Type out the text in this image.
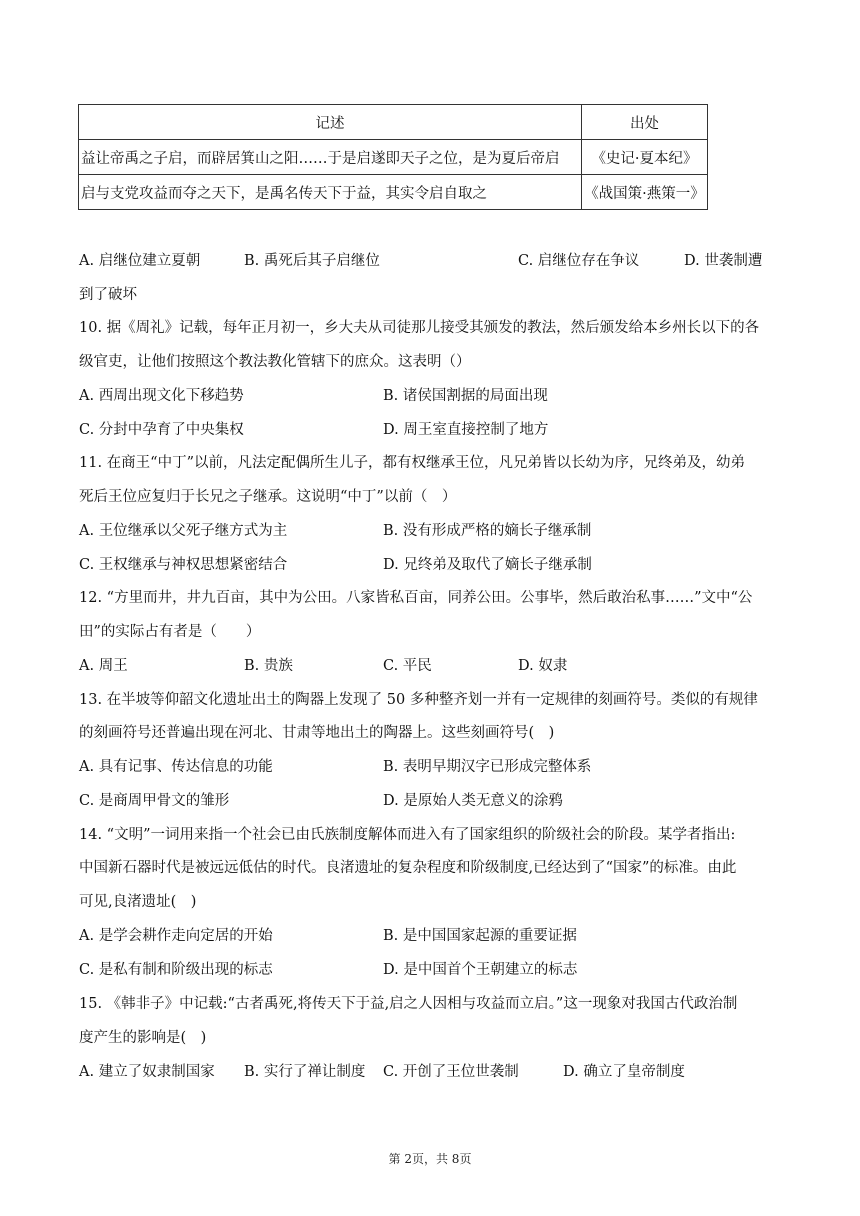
记述	出处
益让帝禹之子启，而辟居箕山之阳……于是启遂即天子之位，是为夏后帝启	《史记·夏本纪》
启与支党攻益而夺之天下，是禹名传天下于益，其实令启自取之	《战国策·燕策一》
A. 启继位建立夏朝	B. 禹死后其子启继位	C. 启继位存在争议	D. 世袭制遭
到了破坏
10. 据《周礼》记载，每年正月初一，乡大夫从司徒那儿接受其颁发的教法，然后颁发给本乡州长以下的各
级官吏，让他们按照这个教法教化管辖下的庶众。这表明（）
A. 西周出现文化下移趋势	B. 诸侯国割据的局面出现
C. 分封中孕育了中央集权	D. 周王室直接控制了地方
11. 在商王“中丁”以前，凡法定配偶所生儿子，都有权继承王位，凡兄弟皆以长幼为序，兄终弟及，幼弟
死后王位应复归于长兄之子继承。这说明“中丁”以前（　）
A. 王位继承以父死子继方式为主	B. 没有形成严格的嫡长子继承制
C. 王权继承与神权思想紧密结合	D. 兄终弟及取代了嫡长子继承制
12. “方里而井，井九百亩，其中为公田。八家皆私百亩，同养公田。公事毕，然后敢治私事……”文中“公
田”的实际占有者是（　　）
A. 周王	B. 贵族	C. 平民	D. 奴隶
13. 在半坡等仰韶文化遗址出土的陶器上发现了 50 多种整齐划一并有一定规律的刻画符号。类似的有规律
的刻画符号还普遍出现在河北、甘肃等地出土的陶器上。这些刻画符号(　)
A. 具有记事、传达信息的功能	B. 表明早期汉字已形成完整体系
C. 是商周甲骨文的雏形	D. 是原始人类无意义的涂鸦
14. “文明”一词用来指一个社会已由氏族制度解体而进入有了国家组织的阶级社会的阶段。某学者指出:
中国新石器时代是被远远低估的时代。良渚遗址的复杂程度和阶级制度,已经达到了“国家”的标准。由此
可见,良渚遗址(　)
A. 是学会耕作走向定居的开始	B. 是中国国家起源的重要证据
C. 是私有制和阶级出现的标志	D. 是中国首个王朝建立的标志
15. 《韩非子》中记载:“古者禹死,将传天下于益,启之人因相与攻益而立启。”这一现象对我国古代政治制
度产生的影响是(　)
A. 建立了奴隶制国家 B. 实行了禅让制度 C. 开创了王位世袭制	D. 确立了皇帝制度
第 2页，共 8页
